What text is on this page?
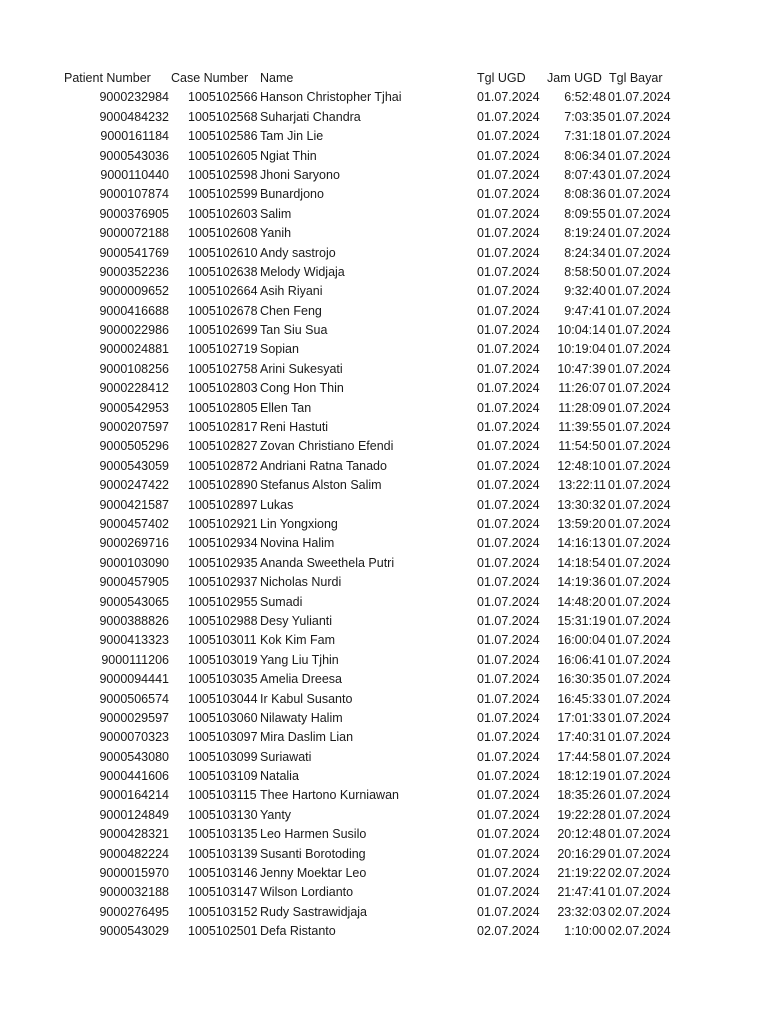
Patient Number Case Number Name	Tgl UGD Jam UGD Tgl Bayar
9000232984 1005102566 Hanson Christopher Tjhai	01.07.2024 6:52:48 01.07.2024
9000484232 1005102568 Suharjati Chandra	01.07.2024 7:03:35 01.07.2024
9000161184 1005102586 Tam Jin Lie	01.07.2024 7:31:18 01.07.2024
9000543036 1005102605 Ngiat Thin	01.07.2024 8:06:34 01.07.2024
9000110440 1005102598 Jhoni Saryono	01.07.2024 8:07:43 01.07.2024
9000107874 1005102599 Bunardjono	01.07.2024 8:08:36 01.07.2024
9000376905 1005102603 Salim	01.07.2024 8:09:55 01.07.2024
9000072188 1005102608 Yanih	01.07.2024 8:19:24 01.07.2024
9000541769 1005102610 Andy sastrojo	01.07.2024 8:24:34 01.07.2024
9000352236 1005102638 Melody Widjaja	01.07.2024 8:58:50 01.07.2024
9000009652 1005102664 Asih Riyani	01.07.2024 9:32:40 01.07.2024
9000416688 1005102678 Chen Feng	01.07.2024 9:47:41 01.07.2024
9000022986 1005102699 Tan Siu Sua	01.07.2024 10:04:14 01.07.2024
9000024881 1005102719 Sopian	01.07.2024 10:19:04 01.07.2024
9000108256 1005102758 Arini Sukesyati	01.07.2024 10:47:39 01.07.2024
9000228412 1005102803 Cong Hon Thin	01.07.2024 11:26:07 01.07.2024
9000542953 1005102805 Ellen Tan	01.07.2024 11:28:09 01.07.2024
9000207597 1005102817 Reni Hastuti	01.07.2024 11:39:55 01.07.2024
9000505296 1005102827 Zovan Christiano Efendi	01.07.2024 11:54:50 01.07.2024
9000543059 1005102872 Andriani Ratna Tanado	01.07.2024 12:48:10 01.07.2024
9000247422 1005102890 Stefanus Alston Salim	01.07.2024 13:22:11 01.07.2024
9000421587 1005102897 Lukas	01.07.2024 13:30:32 01.07.2024
9000457402 1005102921 Lin Yongxiong	01.07.2024 13:59:20 01.07.2024
9000269716 1005102934 Novina Halim	01.07.2024 14:16:13 01.07.2024
9000103090 1005102935 Ananda Sweethela Putri	01.07.2024 14:18:54 01.07.2024
9000457905 1005102937 Nicholas Nurdi	01.07.2024 14:19:36 01.07.2024
9000543065 1005102955 Sumadi	01.07.2024 14:48:20 01.07.2024
9000388826 1005102988 Desy Yulianti	01.07.2024 15:31:19 01.07.2024
9000413323 1005103011 Kok Kim Fam	01.07.2024 16:00:04 01.07.2024
9000111206 1005103019 Yang Liu Tjhin	01.07.2024 16:06:41 01.07.2024
9000094441 1005103035 Amelia Dreesa	01.07.2024 16:30:35 01.07.2024
9000506574 1005103044 Ir Kabul Susanto	01.07.2024 16:45:33 01.07.2024
9000029597 1005103060 Nilawaty Halim	01.07.2024 17:01:33 01.07.2024
9000070323 1005103097 Mira Daslim Lian	01.07.2024 17:40:31 01.07.2024
9000543080 1005103099 Suriawati	01.07.2024 17:44:58 01.07.2024
9000441606 1005103109 Natalia	01.07.2024 18:12:19 01.07.2024
9000164214 1005103115 Thee Hartono Kurniawan	01.07.2024 18:35:26 01.07.2024
9000124849 1005103130 Yanty	01.07.2024 19:22:28 01.07.2024
9000428321 1005103135 Leo Harmen Susilo	01.07.2024 20:12:48 01.07.2024
9000482224 1005103139 Susanti Borotoding	01.07.2024 20:16:29 01.07.2024
9000015970 1005103146 Jenny Moektar Leo	01.07.2024 21:19:22 02.07.2024
9000032188 1005103147 Wilson Lordianto	01.07.2024 21:47:41 01.07.2024
9000276495 1005103152 Rudy Sastrawidjaja	01.07.2024 23:32:03 02.07.2024
9000543029 1005102501 Defa Ristanto	02.07.2024 1:10:00 02.07.2024
